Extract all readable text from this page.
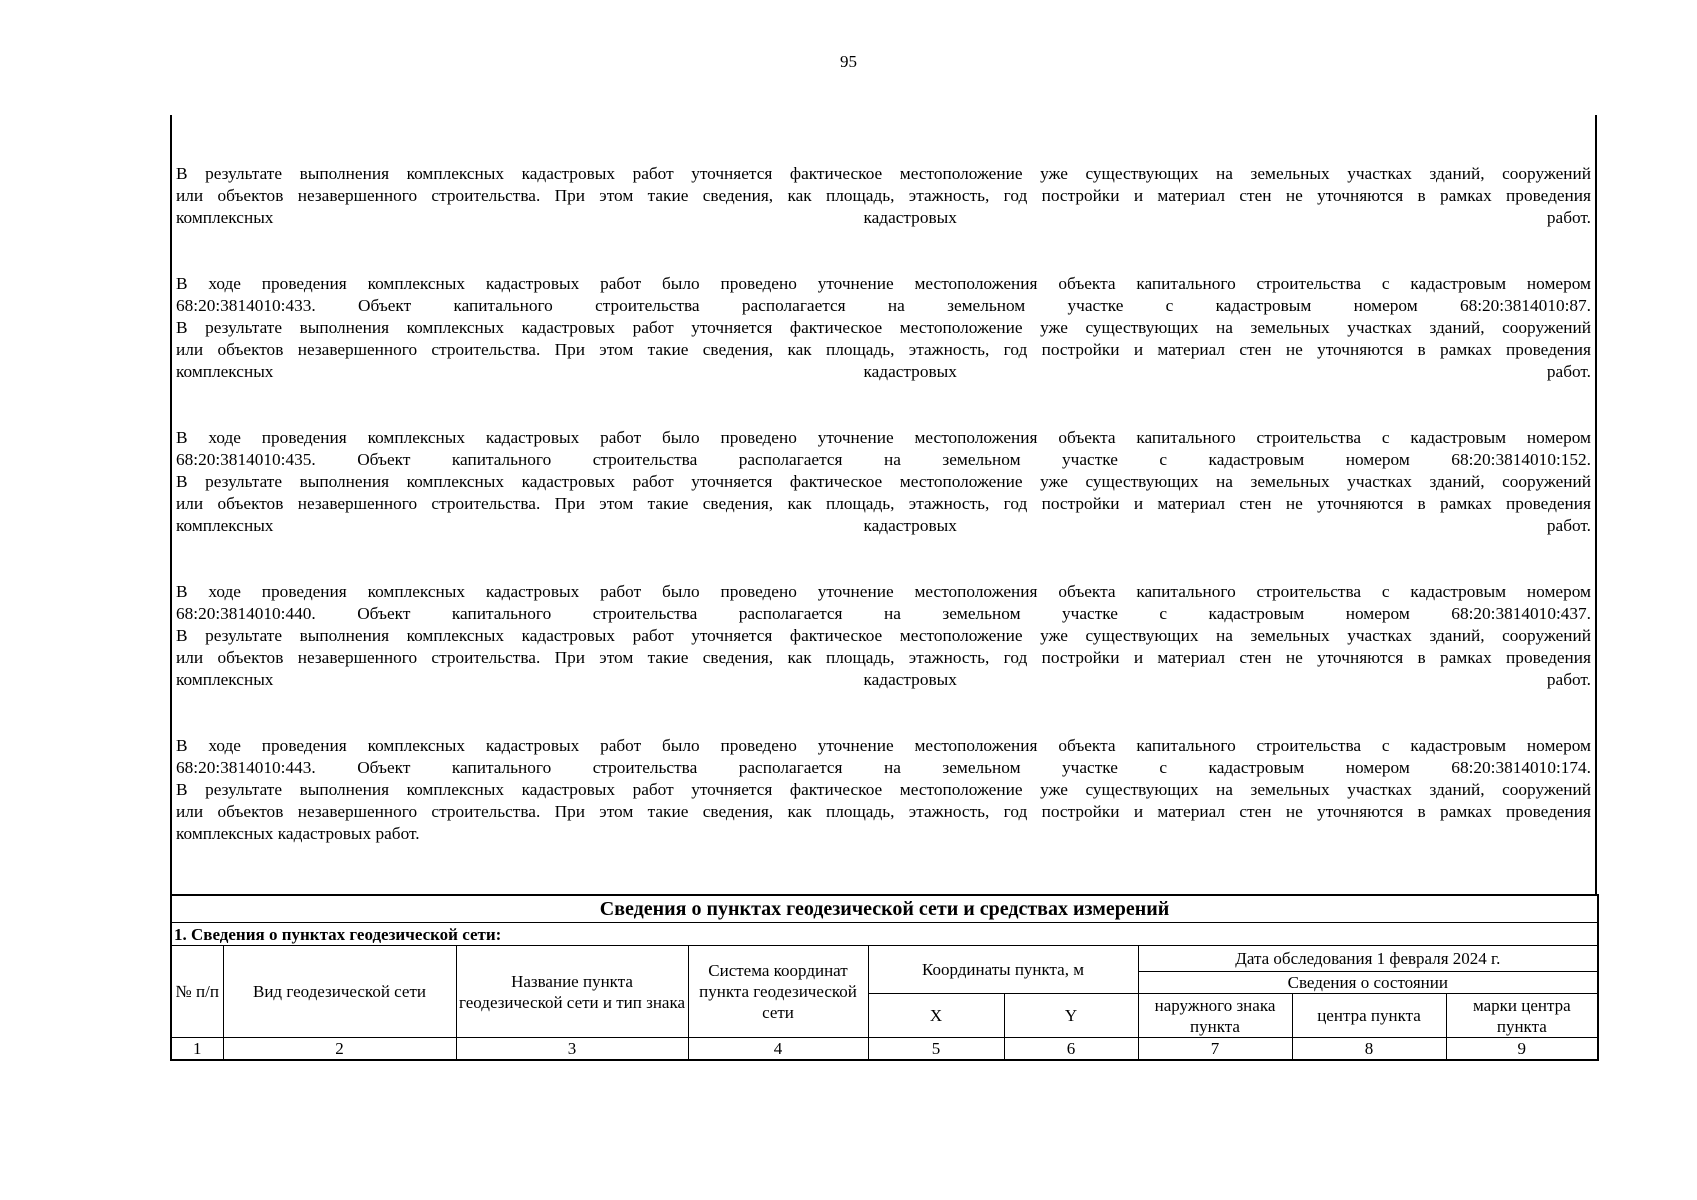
95
В результате выполнения комплексных кадастровых работ уточняется фактическое местоположение уже существующих на земельных участках зданий, сооружений
или объектов незавершенного строительства. При этом такие сведения, как площадь, этажность, год постройки и материал стен не уточняются в рамках проведения
комплексных кадастровых работ.
В ходе проведения комплексных кадастровых работ было проведено уточнение местоположения объекта капитального строительства с кадастровым номером
68:20:3814010:433. Объект капитального строительства располагается на земельном участке с кадастровым номером 68:20:3814010:87.
В результате выполнения комплексных кадастровых работ уточняется фактическое местоположение уже существующих на земельных участках зданий, сооружений
или объектов незавершенного строительства. При этом такие сведения, как площадь, этажность, год постройки и материал стен не уточняются в рамках проведения
комплексных кадастровых работ.
В ходе проведения комплексных кадастровых работ было проведено уточнение местоположения объекта капитального строительства с кадастровым номером
68:20:3814010:435. Объект капитального строительства располагается на земельном участке с кадастровым номером 68:20:3814010:152.
В результате выполнения комплексных кадастровых работ уточняется фактическое местоположение уже существующих на земельных участках зданий, сооружений
или объектов незавершенного строительства. При этом такие сведения, как площадь, этажность, год постройки и материал стен не уточняются в рамках проведения
комплексных кадастровых работ.
В ходе проведения комплексных кадастровых работ было проведено уточнение местоположения объекта капитального строительства с кадастровым номером
68:20:3814010:440. Объект капитального строительства располагается на земельном участке с кадастровым номером 68:20:3814010:437.
В результате выполнения комплексных кадастровых работ уточняется фактическое местоположение уже существующих на земельных участках зданий, сооружений
или объектов незавершенного строительства. При этом такие сведения, как площадь, этажность, год постройки и материал стен не уточняются в рамках проведения
комплексных кадастровых работ.
В ходе проведения комплексных кадастровых работ было проведено уточнение местоположения объекта капитального строительства с кадастровым номером
68:20:3814010:443. Объект капитального строительства располагается на земельном участке с кадастровым номером 68:20:3814010:174.
В результате выполнения комплексных кадастровых работ уточняется фактическое местоположение уже существующих на земельных участках зданий, сооружений
или объектов незавершенного строительства. При этом такие сведения, как площадь, этажность, год постройки и материал стен не уточняются в рамках проведения
комплексных кадастровых работ.
Сведения о пунктах геодезической сети и средствах измерений								
1. Сведения о пунктах геодезической сети:								
№ п/п	Вид геодезической сети	Название пункта геодезической сети и тип знака	Система координат пункта геодезической сети	Координаты пункта, м		Дата обследования 1 февраля 2024 г.		
						Сведения о состоянии		
				X	Y	наружного знака пункта	центра пункта	марки центра пункта
1	2	3	4	5	6	7	8	9
